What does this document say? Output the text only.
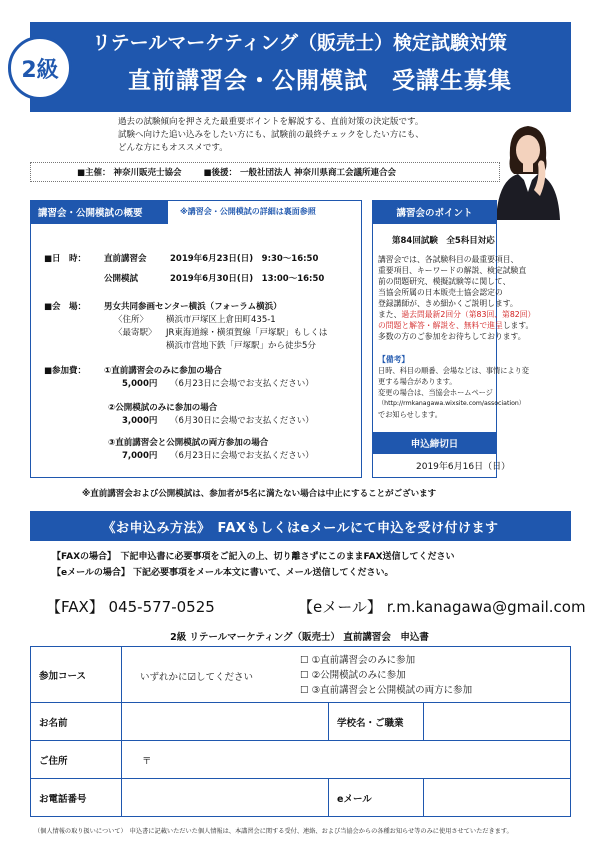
2級
リテールマーケティング（販売士）検定試験対策
直前講習会・公開模試　受講生募集
過去の試験傾向を押さえた最重要ポイントを解説する、直前対策の決定版です。
試験へ向けた追い込みをしたい方にも、試験前の最終チェックをしたい方にも、
どんな方にもオススメです。
■主催： 神奈川販売士協会	■後援： 一般社団法人 神奈川県商工会議所連合会
講習会・公開模試の概要	※講習会・公開模試の詳細は裏面参照
■日　時： 直前講習会	2019年6月23日(日)　9:30～16:50
公開模試	2019年6月30日(日)　13:00～16:50
■会　場： 男女共同参画センター横浜（フォーラム横浜）
〈住所〉 横浜市戸塚区上倉田町435-1
〈最寄駅〉 JR東海道線・横須賀線「戸塚駅」もしくは
横浜市営地下鉄「戸塚駅」から徒歩5分
■参加費： ①直前講習会のみに参加の場合
5,000円 （6月23日に会場でお支払ください）
②公開模試のみに参加の場合
3,000円 （6月30日に会場でお支払ください）
③直前講習会と公開模試の両方参加の場合
7,000円 （6月23日に会場でお支払ください）
講習会のポイント
第84回試験　全5科目対応
講習会では、各試験科目の最重要項目、
重要項目、キーワードの解説、検定試験直
前の問題研究、模擬試験等に関して、
当協会所属の日本販売士協会認定の
登録講師が、きめ細かくご説明します。
また、過去問最新2回分（第83回、第82回）
の問題と解答・解説を、無料で進呈します。
多数の方のご参加をお待ちしております。
【備考】
日時、科目の順番、会場などは、事情により変
更する場合があります。
変更の場合は、当協会ホームページ
（http://rmkanagawa.wixsite.com/association）
でお知らせします。
申込締切日
2019年6月16日（日）
※直前講習会および公開模試は、参加者が5名に満たない場合は中止にすることがございます
《お申込み方法》　FAXもしくはeメールにて申込を受け付けます
【FAXの場合】　下記申込書に必要事項をご記入の上、切り離さずにこのままFAX送信してください
【eメールの場合】 下記必要事項をメール本文に書いて、メール送信してください。
【FAX】 045-577-0525	【eメール】 r.m.kanagawa@gmail.com
2級 リテールマーケティング（販売士） 直前講習会　申込書
参加コース	いずれかに☑してください
☐ ①直前講習会のみに参加
☐ ②公開模試のみに参加
☐ ③直前講習会と公開模試の両方に参加		

お名前		学校名・ご職業	
ご住所	〒		
お電話番号		eメール	
（個人情報の取り扱いについて）　申込書に記載いただいた個人情報は、本講習会に関する受付、連絡、および当協会からの各種お知らせ等のみに使用させていただきます。
